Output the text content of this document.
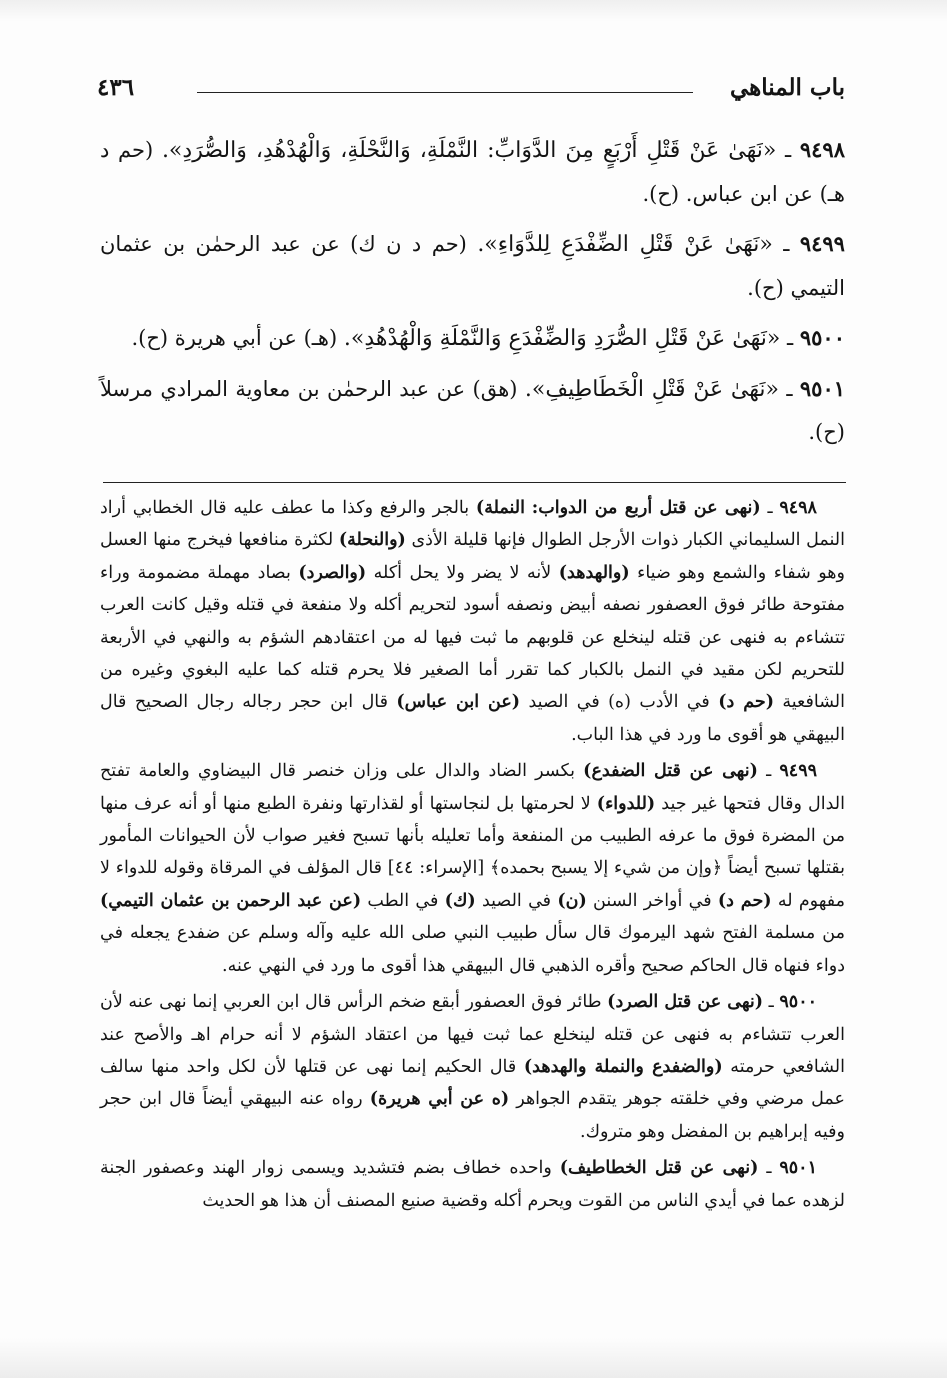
باب المناهي
٤٣٦

٩٤٩٨ ـ «نَهَىٰ عَنْ قَتْلِ أَرْبَعٍ مِنَ الدَّوَابِّ: النَّمْلَةِ، وَالنَّحْلَةِ، وَالْهُدْهُدِ، وَالصُّرَدِ». (حم د هـ) عن ابن عباس. (ح).

٩٤٩٩ ـ «نَهَىٰ عَنْ قَتْلِ الضِّفْدَعِ لِلدَّوَاءِ». (حم د ن ك) عن عبد الرحمٰن بن عثمان التيمي (ح).

٩٥٠٠ ـ «نَهَىٰ عَنْ قَتْلِ الصُّرَدِ وَالضِّفْدَعِ وَالنَّمْلَةِ وَالْهُدْهُدِ». (هـ) عن أبي هريرة (ح).

٩٥٠١ ـ «نَهَىٰ عَنْ قَتْلِ الْخَطَاطِيفِ». (هق) عن عبد الرحمٰن بن معاوية المرادي مرسلاً (ح).

٩٤٩٨ ـ (نهى عن قتل أربع من الدواب: النملة) بالجر والرفع وكذا ما عطف عليه قال الخطابي أراد النمل السليماني الكبار ذوات الأرجل الطوال فإنها قليلة الأذى (والنحلة) لكثرة منافعها فيخرج منها العسل وهو شفاء والشمع وهو ضياء (والهدهد) لأنه لا يضر ولا يحل أكله (والصرد) بصاد مهملة مضمومة وراء مفتوحة طائر فوق العصفور نصفه أبيض ونصفه أسود لتحريم أكله ولا منفعة في قتله وقيل كانت العرب تتشاءم به فنهى عن قتله لينخلع عن قلوبهم ما ثبت فيها له من اعتقادهم الشؤم به والنهي في الأربعة للتحريم لكن مقيد في النمل بالكبار كما تقرر أما الصغير فلا يحرم قتله كما عليه البغوي وغيره من الشافعية (حم د) في الأدب (ه) في الصيد (عن ابن عباس) قال ابن حجر رجاله رجال الصحيح قال البيهقي هو أقوى ما ورد في هذا الباب.

٩٤٩٩ ـ (نهى عن قتل الضفدع) بكسر الضاد والدال على وزان خنصر قال البيضاوي والعامة تفتح الدال وقال فتحها غير جيد (للدواء) لا لحرمتها بل لنجاستها أو لقذارتها ونفرة الطبع منها أو أنه عرف منها من المضرة فوق ما عرفه الطبيب من المنفعة وأما تعليله بأنها تسبح فغير صواب لأن الحيوانات المأمور بقتلها تسبح أيضاً ﴿وإن من شيء إلا يسبح بحمده﴾ [الإسراء: ٤٤] قال المؤلف في المرقاة وقوله للدواء لا مفهوم له (حم د) في أواخر السنن (ن) في الصيد (ك) في الطب (عن عبد الرحمن بن عثمان التيمي) من مسلمة الفتح شهد اليرموك قال سأل طبيب النبي صلى الله عليه وآله وسلم عن ضفدع يجعله في دواء فنهاه قال الحاكم صحيح وأقره الذهبي قال البيهقي هذا أقوى ما ورد في النهي عنه.

٩٥٠٠ ـ (نهى عن قتل الصرد) طائر فوق العصفور أبقع ضخم الرأس قال ابن العربي إنما نهى عنه لأن العرب تتشاءم به فنهى عن قتله لينخلع عما ثبت فيها من اعتقاد الشؤم لا أنه حرام اهـ والأصح عند الشافعي حرمته (والضفدع والنملة والهدهد) قال الحكيم إنما نهى عن قتلها لأن لكل واحد منها سالف عمل مرضي وفي خلقته جوهر يتقدم الجواهر (ه عن أبي هريرة) رواه عنه البيهقي أيضاً قال ابن حجر وفيه إبراهيم بن المفضل وهو متروك.

٩٥٠١ ـ (نهى عن قتل الخطاطيف) واحده خطاف بضم فتشديد ويسمى زوار الهند وعصفور الجنة لزهده عما في أيدي الناس من القوت ويحرم أكله وقضية صنيع المصنف أن هذا هو الحديث
